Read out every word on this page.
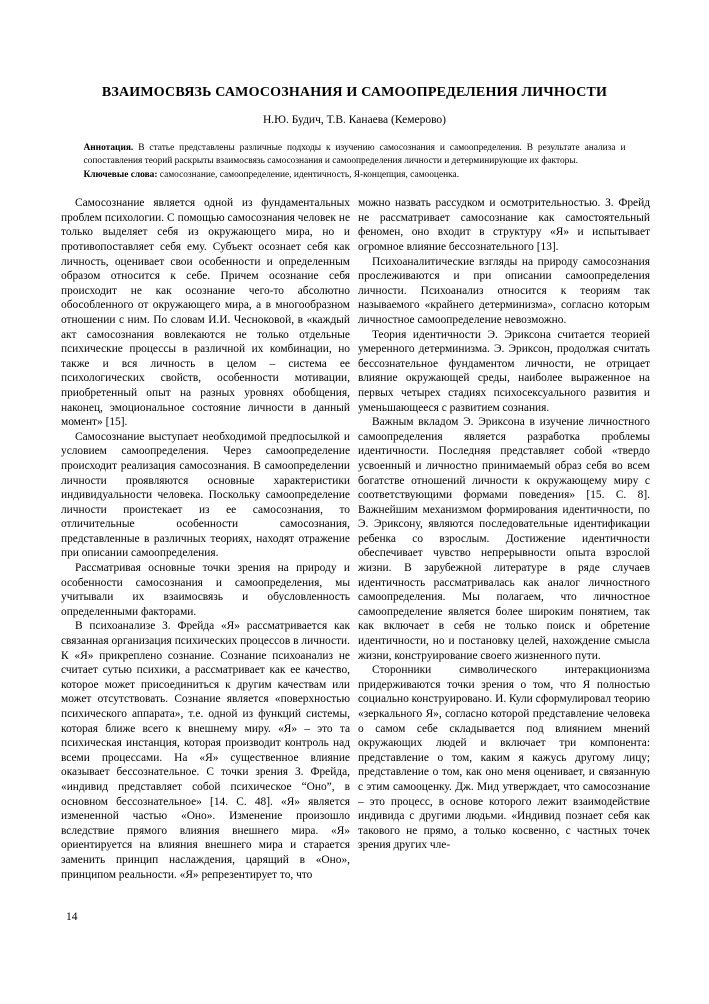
ВЗАИМОСВЯЗЬ САМОСОЗНАНИЯ И САМООПРЕДЕЛЕНИЯ ЛИЧНОСТИ
Н.Ю. Будич, Т.В. Канаева (Кемерово)

Аннотация. В статье представлены различные подходы к изучению самосознания и самоопределения. В результате анализа и сопоставления теорий раскрыты взаимосвязь самосознания и самоопределения личности и детерминирующие их факторы.

Ключевые слова: самосознание, самоопределение, идентичность, Я-концепция, самооценка.

Самосознание является одной из фундаментальных проблем психологии. С помощью самосознания человек не только выделяет себя из окружающего мира, но и противопоставляет себя ему. Субъект осознает себя как личность, оценивает свои особенности и определенным образом относится к себе. Причем осознание себя происходит не как осознание чего-то абсолютно обособленного от окружающего мира, а в многообразном отношении с ним. По словам И.И. Чесноковой, в «каждый акт самосознания вовлекаются не только отдельные психические процессы в различной их комбинации, но также и вся личность в целом – система ее психологических свойств, особенности мотивации, приобретенный опыт на разных уровнях обобщения, наконец, эмоциональное состояние личности в данный момент» [15].

Самосознание выступает необходимой предпосылкой и условием самоопределения. Через самоопределение происходит реализация самосознания. В самоопределении личности проявляются основные характеристики индивидуальности человека. Поскольку самоопределение личности проистекает из ее самосознания, то отличительные особенности самосознания, представленные в различных теориях, находят отражение при описании самоопределения.

Рассматривая основные точки зрения на природу и особенности самосознания и самоопределения, мы учитывали их взаимосвязь и обусловленность определенными факторами.

В психоанализе З. Фрейда «Я» рассматривается как связанная организация психических процессов в личности. К «Я» прикреплено сознание. Сознание психоанализ не считает сутью психики, а рассматривает как ее качество, которое может присоединиться к другим качествам или может отсутствовать. Сознание является «поверхностью психического аппарата», т.е. одной из функций системы, которая ближе всего к внешнему миру. «Я» – это та психическая инстанция, которая производит контроль над всеми процессами. На «Я» существенное влияние оказывает бессознательное. С точки зрения З. Фрейда, «индивид представляет собой психическое “Оно”, в основном бессознательное» [14. С. 48]. «Я» является измененной частью «Оно». Изменение произошло вследствие прямого влияния внешнего мира. «Я» ориентируется на влияния внешнего мира и старается заменить принцип наслаждения, царящий в «Оно», принципом реальности. «Я» репрезентирует то, что

можно назвать рассудком и осмотрительностью. З. Фрейд не рассматривает самосознание как самостоятельный феномен, оно входит в структуру «Я» и испытывает огромное влияние бессознательного [13].

Психоаналитические взгляды на природу самосознания прослеживаются и при описании самоопределения личности. Психоанализ относится к теориям так называемого «крайнего детерминизма», согласно которым личностное самоопределение невозможно.

Теория идентичности Э. Эриксона считается теорией умеренного детерминизма. Э. Эриксон, продолжая считать бессознательное фундаментом личности, не отрицает влияние окружающей среды, наиболее выраженное на первых четырех стадиях психосексуального развития и уменьшающееся с развитием сознания.

Важным вкладом Э. Эриксона в изучение личностного самоопределения является разработка проблемы идентичности. Последняя представляет собой «твердо усвоенный и личностно принимаемый образ себя во всем богатстве отношений личности к окружающему миру с соответствующими формами поведения» [15. С. 8]. Важнейшим механизмом формирования идентичности, по Э. Эриксону, являются последовательные идентификации ребенка со взрослым. Достижение идентичности обеспечивает чувство непрерывности опыта взрослой жизни. В зарубежной литературе в ряде случаев идентичность рассматривалась как аналог личностного самоопределения. Мы полагаем, что личностное самоопределение является более широким понятием, так как включает в себя не только поиск и обретение идентичности, но и постановку целей, нахождение смысла жизни, конструирование своего жизненного пути.

Сторонники символического интеракционизма придерживаются точки зрения о том, что Я полностью социально конструировано. И. Кули сформулировал теорию «зеркального Я», согласно которой представление человека о самом себе складывается под влиянием мнений окружающих людей и включает три компонента: представление о том, каким я кажусь другому лицу; представление о том, как оно меня оценивает, и связанную с этим самооценку. Дж. Мид утверждает, что самосознание – это процесс, в основе которого лежит взаимодействие индивида с другими людьми. «Индивид познает себя как такового не прямо, а только косвенно, с частных точек зрения других чле-

14
